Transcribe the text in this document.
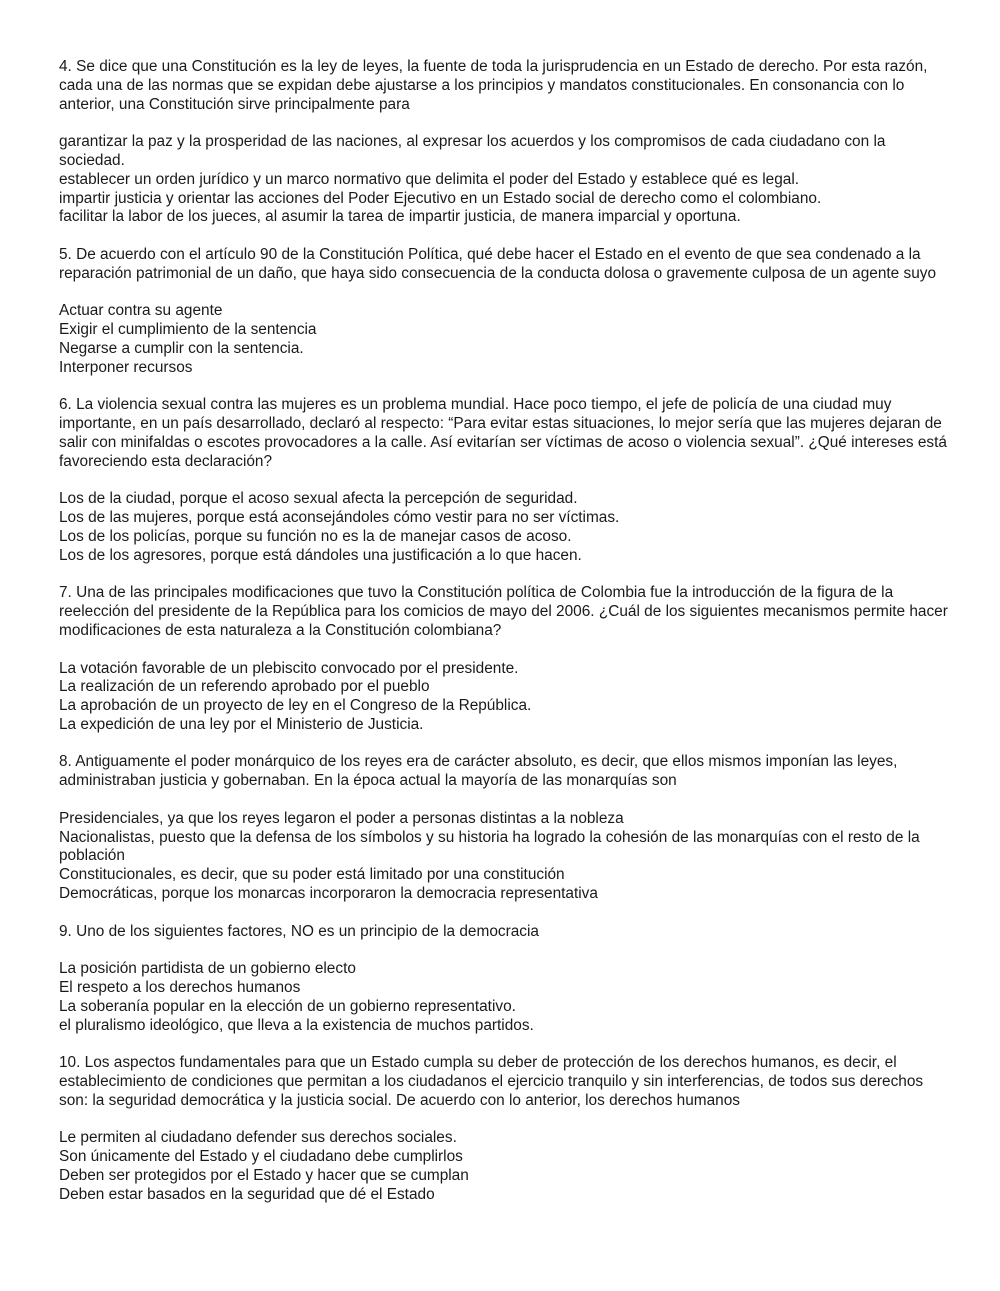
4. Se dice que una Constitución es la ley de leyes, la fuente de toda la jurisprudencia en un Estado de derecho. Por esta razón, cada una de las normas que se expidan debe ajustarse a los principios y mandatos constitucionales. En consonancia con lo anterior, una Constitución sirve principalmente para

garantizar la paz y la prosperidad de las naciones, al expresar los acuerdos y los compromisos de cada ciudadano con la sociedad.

establecer un orden jurídico y un marco normativo que delimita el poder del Estado y establece qué es legal.

impartir justicia y orientar las acciones del Poder Ejecutivo en un Estado social de derecho como el colombiano.

facilitar la labor de los jueces, al asumir la tarea de impartir justicia, de manera imparcial y oportuna.

5. De acuerdo con el artículo 90 de la Constitución Política, qué debe hacer el Estado en el evento de que sea condenado a la reparación patrimonial de un daño, que haya sido consecuencia de la conducta dolosa o gravemente culposa de un agente suyo

Actuar contra su agente

Exigir el cumplimiento de la sentencia

Negarse a cumplir con la sentencia.

Interponer recursos

6. La violencia sexual contra las mujeres es un problema mundial. Hace poco tiempo, el jefe de policía de una ciudad muy importante, en un país desarrollado, declaró al respecto: “Para evitar estas situaciones, lo mejor sería que las mujeres dejaran de salir con minifaldas o escotes provocadores a la calle. Así evitarían ser víctimas de acoso o violencia sexual”. ¿Qué intereses está favoreciendo esta declaración?

Los de la ciudad, porque el acoso sexual afecta la percepción de seguridad.

Los de las mujeres, porque está aconsejándoles cómo vestir para no ser víctimas.

Los de los policías, porque su función no es la de manejar casos de acoso.

Los de los agresores, porque está dándoles una justificación a lo que hacen.

7. Una de las principales modificaciones que tuvo la Constitución política de Colombia fue la introducción de la figura de la reelección del presidente de la República para los comicios de mayo del 2006. ¿Cuál de los siguientes mecanismos permite hacer modificaciones de esta naturaleza a la Constitución colombiana?

La votación favorable de un plebiscito convocado por el presidente.

La realización de un referendo aprobado por el pueblo

La aprobación de un proyecto de ley en el Congreso de la República.

La expedición de una ley por el Ministerio de Justicia.

8. Antiguamente el poder monárquico de los reyes era de carácter absoluto, es decir, que ellos mismos imponían las leyes, administraban justicia y gobernaban. En la época actual la mayoría de las monarquías son

Presidenciales, ya que los reyes legaron el poder a personas distintas a la nobleza

Nacionalistas, puesto que la defensa de los símbolos y su historia ha logrado la cohesión de las monarquías con el resto de la población

Constitucionales, es decir, que su poder está limitado por una constitución

Democráticas, porque los monarcas incorporaron la democracia representativa

9. Uno de los siguientes factores, NO es un principio de la democracia

La posición partidista de un gobierno electo

El respeto a los derechos humanos

La soberanía popular en la elección de un gobierno representativo.

el pluralismo ideológico, que lleva a la existencia de muchos partidos.

10. Los aspectos fundamentales para que un Estado cumpla su deber de protección de los derechos humanos, es decir, el establecimiento de condiciones que permitan a los ciudadanos el ejercicio tranquilo y sin interferencias, de todos sus derechos son: la seguridad democrática y la justicia social. De acuerdo con lo anterior, los derechos humanos

Le permiten al ciudadano defender sus derechos sociales.

Son únicamente del Estado y el ciudadano debe cumplirlos

Deben ser protegidos por el Estado y hacer que se cumplan

Deben estar basados en la seguridad que dé el Estado
